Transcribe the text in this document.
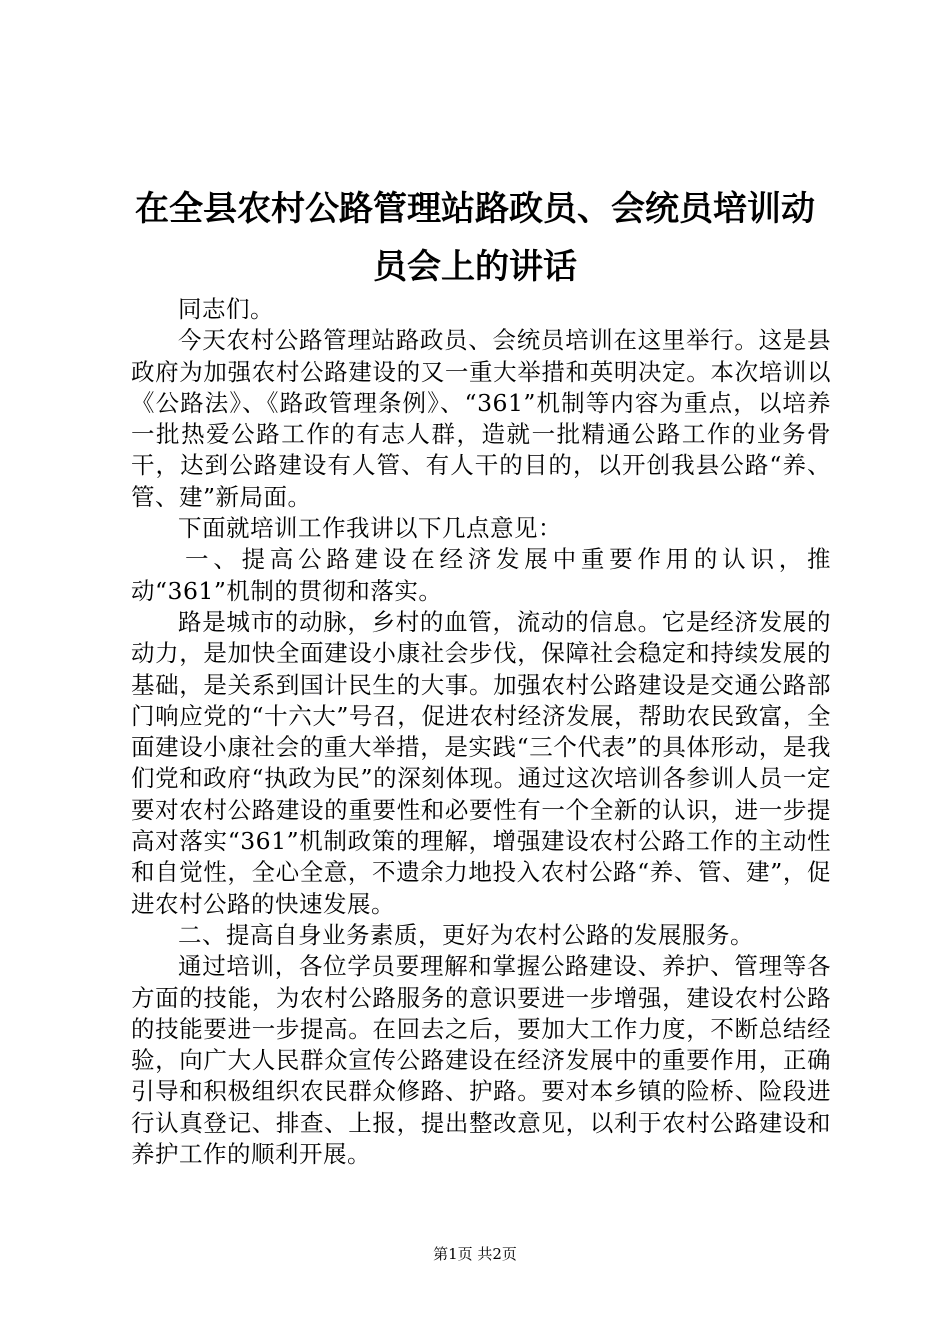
在全县农村公路管理站路政员、会统员培训动
员会上的讲话

同志们。

今天农村公路管理站路政员、会统员培训在这里举行。这是县政府为加强农村公路建设的又一重大举措和英明决定。本次培训以《公路法》、《路政管理条例》、“361”机制等内容为重点，以培养一批热爱公路工作的有志人群，造就一批精通公路工作的业务骨干，达到公路建设有人管、有人干的目的，以开创我县公路“养、管、建”新局面。

下面就培训工作我讲以下几点意见：

一、提高公路建设在经济发展中重要作用的认识，推动“361”机制的贯彻和落实。

路是城市的动脉，乡村的血管，流动的信息。它是经济发展的动力，是加快全面建设小康社会步伐，保障社会稳定和持续发展的基础，是关系到国计民生的大事。加强农村公路建设是交通公路部门响应党的“十六大”号召，促进农村经济发展，帮助农民致富，全面建设小康社会的重大举措，是实践“三个代表”的具体形动，是我们党和政府“执政为民”的深刻体现。通过这次培训各参训人员一定要对农村公路建设的重要性和必要性有一个全新的认识，进一步提高对落实“361”机制政策的理解，增强建设农村公路工作的主动性和自觉性，全心全意，不遗余力地投入农村公路“养、管、建”，促进农村公路的快速发展。

二、提高自身业务素质，更好为农村公路的发展服务。

通过培训，各位学员要理解和掌握公路建设、养护、管理等各方面的技能，为农村公路服务的意识要进一步增强，建设农村公路的技能要进一步提高。在回去之后，要加大工作力度，不断总结经验，向广大人民群众宣传公路建设在经济发展中的重要作用，正确引导和积极组织农民群众修路、护路。要对本乡镇的险桥、险段进行认真登记、排查、上报，提出整改意见，以利于农村公路建设和养护工作的顺利开展。

第1页 共2页
